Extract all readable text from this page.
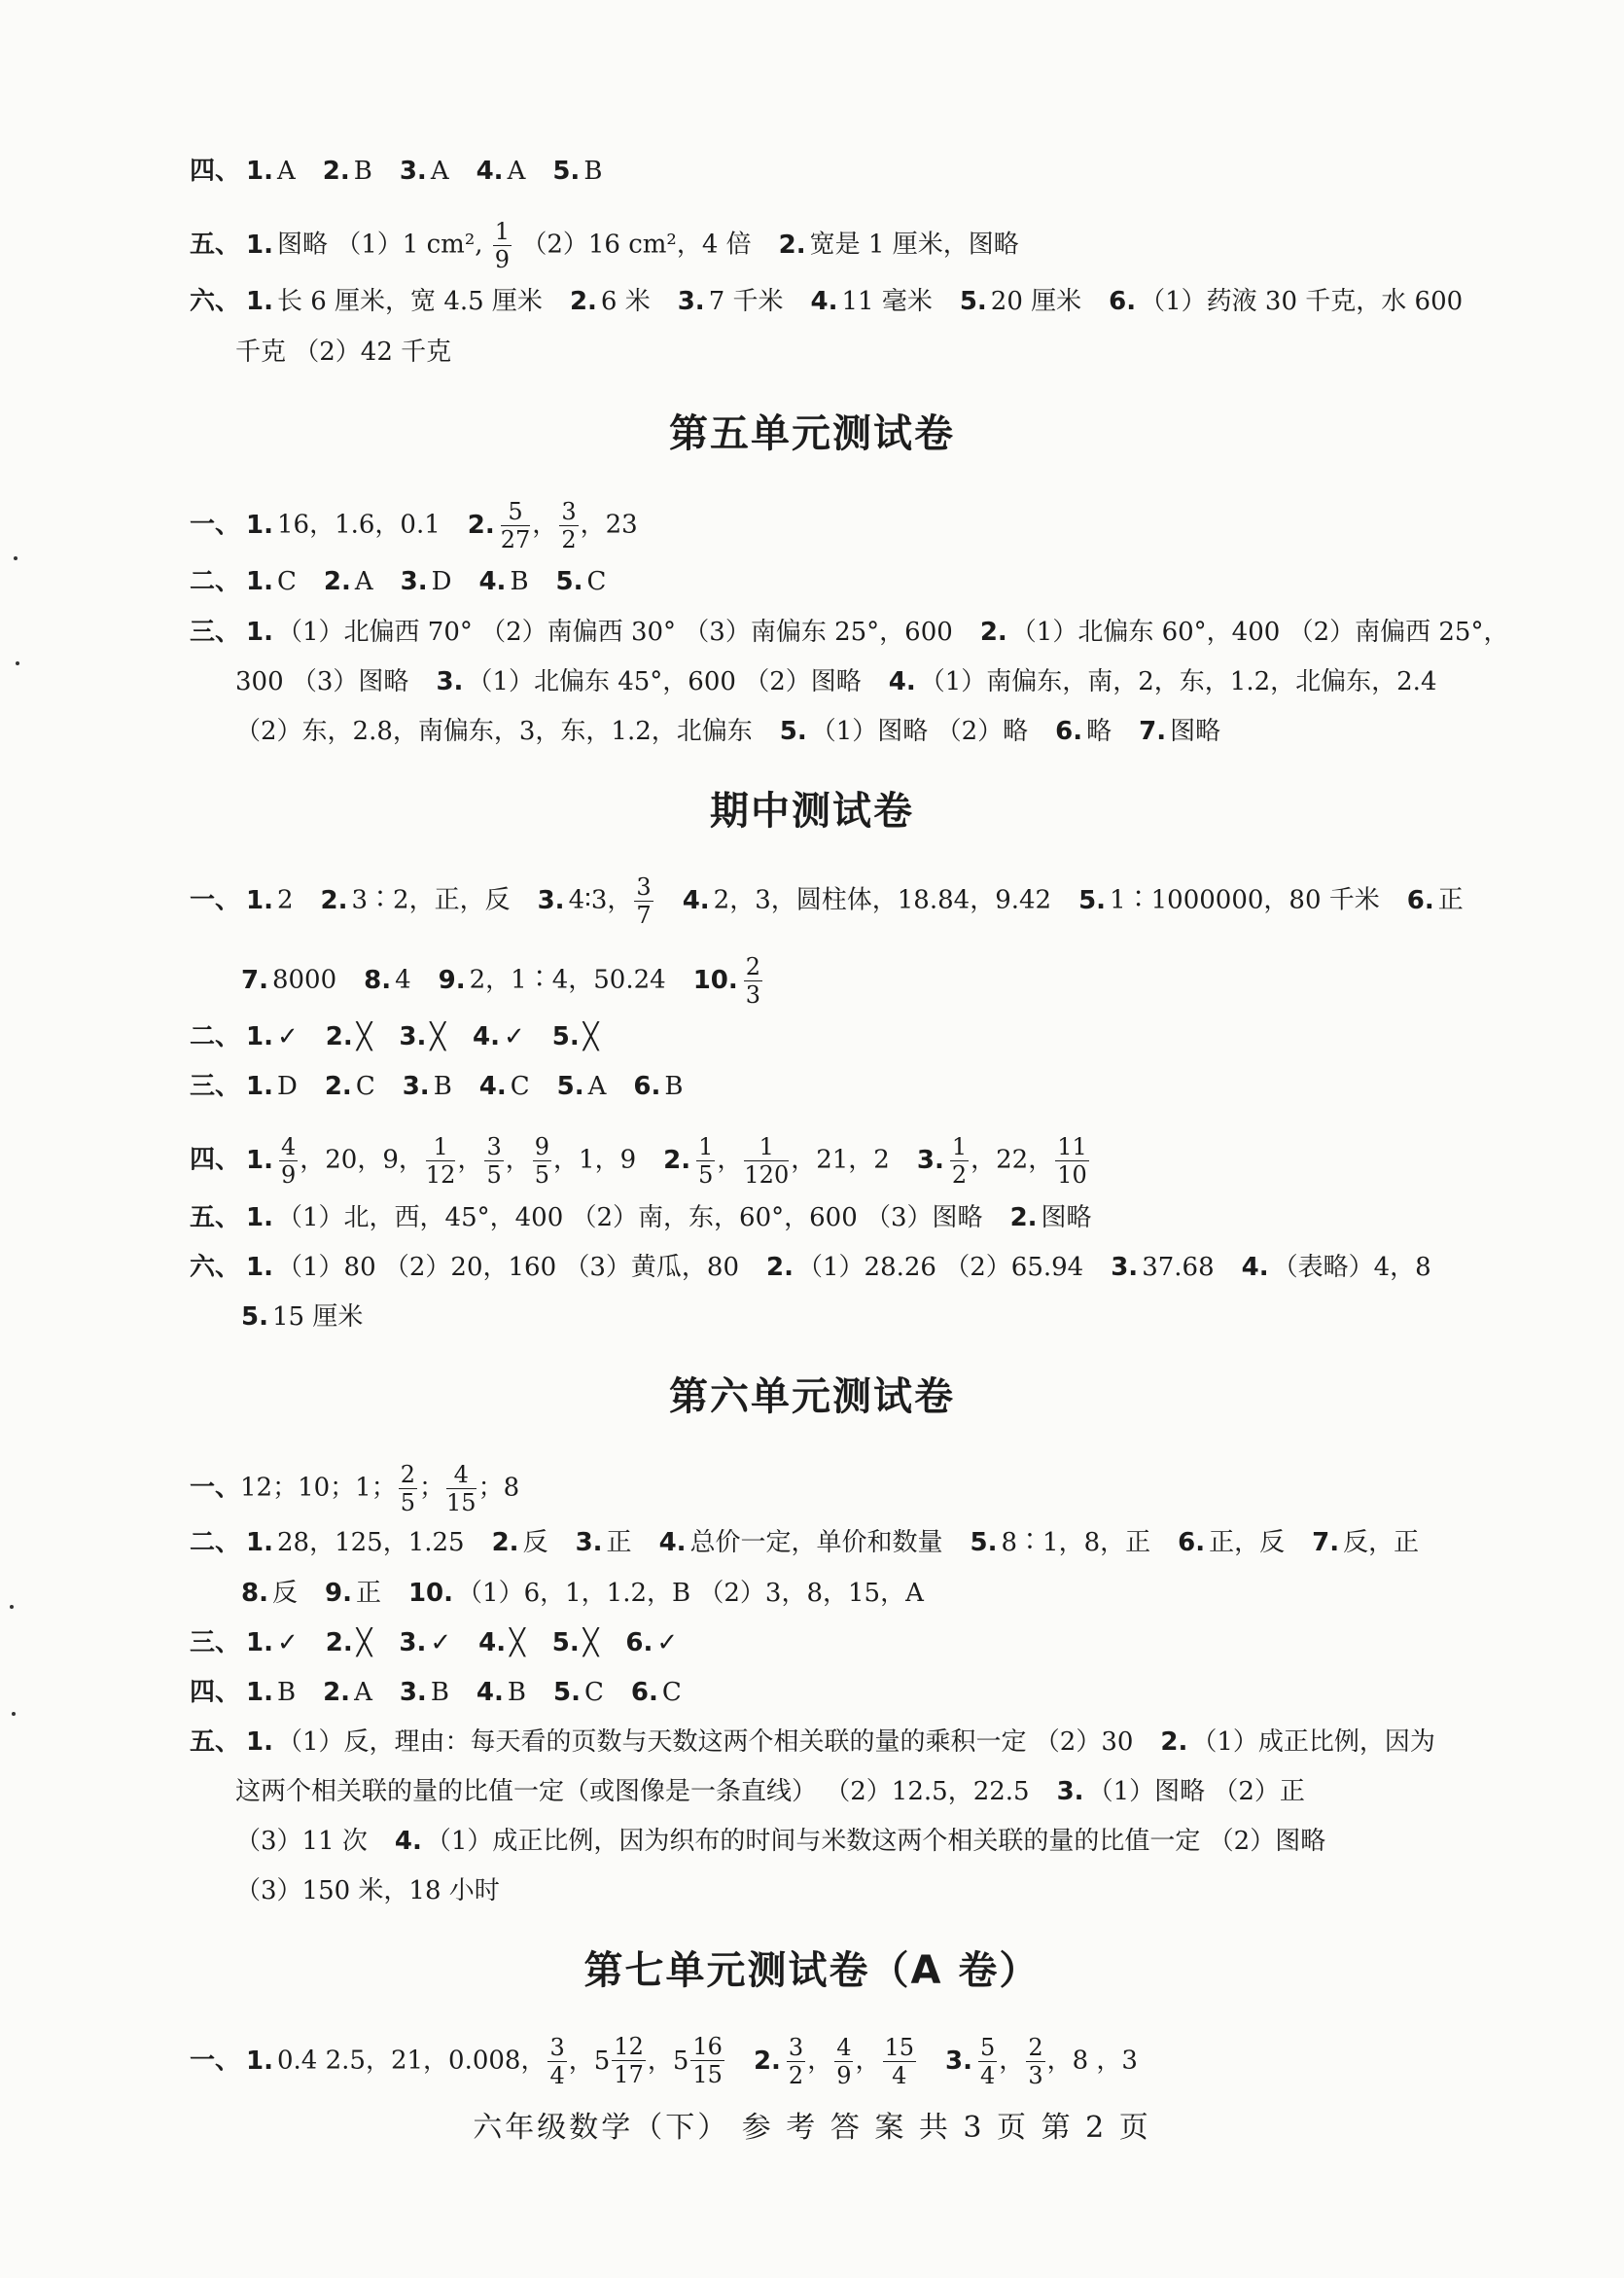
四、 1. A 2. B 3. A 4. A 5. B
五、 1. 图略 （1）1 cm², $\frac{1}{9} (2)16$ cm²，4 倍 2. 宽是 1 厘米，图略
六、 1. 长 6 厘米，宽 4.5 厘米 2. 6 米 3. 7 千米 4. 11 毫米 5. 20 厘米 6. （1）药液 30 千克，水 600
千克 （2）42 千克
第五单元测试卷
一、 1. 16，1.6，0.1 2. $\frac{5}{27}$ ， $\frac{3}{2}$ ，23
二、 1. C 2. A 3. D 4. B 5. C
三、 1. （1）北偏西 70° （2）南偏西 30° （3）南偏东 25°，600 2. （1）北偏东 60°，400 （2）南偏西 25°，
300 （3）图略 3. （1）北偏东 45°，600 （2）图略 4. （1）南偏东，南，2，东，1.2，北偏东，2.4
（2）东，2.8，南偏东，3，东，1.2，北偏东 5. （1）图略 （2）略 6. 略 7. 图略
期中测试卷
一、 1. 2 2. 3∶2，正，反 3. 4∶3， $\frac{3}{7} 4$. 2，3，圆柱体，18.84，9.42 5. 1∶1000000，80 千米 6. 正
7. 8000 8. 4 9. 2，1∶4，50.24 10. $\frac{2}{3}$
二、 1. ✓ 2. ╳ 3. ╳ 4. ✓ 5. ╳
三、 1. D 2. C 3. B 4. C 5. A 6. B
四、 1. $\frac{4}{9}$ ，20，9， $\frac{1}{12}$ ， $\frac{3}{5}$ ， $\frac{9}{5}$ ，1，9 2. $\frac{1}{5}$ ， $\frac{1}{120}$ ，21，2 3. $\frac{1}{2}$ ，22， $\frac{11}{10}$
五、 1. （1）北，西，45°，400 （2）南，东，60°，600 （3）图略 2. 图略
六、 1. （1）80 （2）20，160 （3）黄瓜，80 2. （1）28.26 （2）65.94 3. 37.68 4. （表略）4，8
5. 15 厘米
第六单元测试卷
一、12；10；1； $\frac{2}{5}$ ； $\frac{4}{15}$ ；8
二、 1. 28，125，1.25 2. 反 3. 正 4. 总价一定，单价和数量 5. 8∶1，8，正 6. 正，反 7. 反，正
8. 反 9. 正 10. （1）6，1，1.2，B （2）3，8，15，A
三、 1. ✓ 2. ╳ 3. ✓ 4. ╳ 5. ╳ 6. ✓
四、 1. B 2. A 3. B 4. B 5. C 6. C
五、 1. （1）反，理由：每天看的页数与天数这两个相关联的量的乘积一定 （2）30 2. （1）成正比例，因为
这两个相关联的量的比值一定（或图像是一条直线） （2）12.5，22.5 3. （1）图略 （2）正
（3）11 次 4. （1）成正比例，因为织布的时间与米数这两个相关联的量的比值一定 （2）图略
（3）150 米，18 小时
第七单元测试卷（A 卷）
一、 1. 0.4 2.5，21，0.008， $\frac{3}{4}$ ，$5 \frac{12}{17}$ ，$5 \frac{16}{15} 2$. $\frac{3}{2}$ ， $\frac{4}{9}$ ， $\frac{15}{4} 3$. $\frac{5}{4}$ ， $\frac{2}{3}$ ，8 ，3
六年级数学（下） 参 考 答 案 共 3 页 第 2 页
